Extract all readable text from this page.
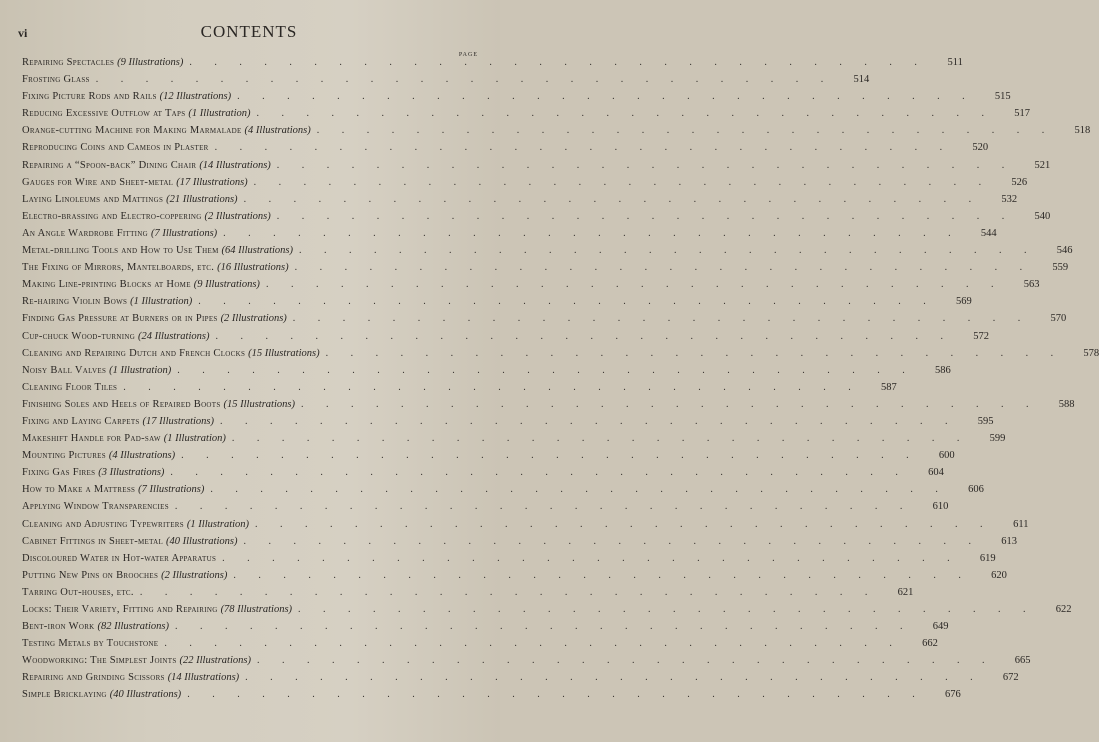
vi	CONTENTS
PAGE
Repairing Spectacles (9 Illustrations) . . . . . . . . . . . . . . . . . . . . . . . . . . . . . .	511
Frosting Glass . . . . . . . . . . . . . . . . . . . . . . . . . . . . . .	514
Fixing Picture Rods and Rails (12 Illustrations) . . . . . . . . . . . . . . . . . . . . . . . . . . . . . .	515
Reducing Excessive Outflow at Taps (1 Illustration) . . . . . . . . . . . . . . . . . . . . . . . . . . . . . .	517
Orange-cutting Machine for Making Marmalade (4 Illustrations) . . . . . . . . . . . . . . . . . . . . . . . . . . . . . .	518
Reproducing Coins and Cameos in Plaster . . . . . . . . . . . . . . . . . . . . . . . . . . . . . .	520
Repairing a “Spoon-back” Dining Chair (14 Illustrations) . . . . . . . . . . . . . . . . . . . . . . . . . . . . . .	521
Gauges for Wire and Sheet-metal (17 Illustrations) . . . . . . . . . . . . . . . . . . . . . . . . . . . . . .	526
Laying Linoleums and Mattings (21 Illustrations) . . . . . . . . . . . . . . . . . . . . . . . . . . . . . .	532
Electro-brassing and Electro-coppering (2 Illustrations) . . . . . . . . . . . . . . . . . . . . . . . . . . . . . .	540
An Angle Wardrobe Fitting (7 Illustrations) . . . . . . . . . . . . . . . . . . . . . . . . . . . . . .	544
Metal-drilling Tools and How to Use Them (64 Illustrations) . . . . . . . . . . . . . . . . . . . . . . . . . . . . . .	546
The Fixing of Mirrors, Mantelboards, etc. (16 Illustrations) . . . . . . . . . . . . . . . . . . . . . . . . . . . . . .	559
Making Line-printing Blocks at Home (9 Illustrations) . . . . . . . . . . . . . . . . . . . . . . . . . . . . . .	563
Re-hairing Violin Bows (1 Illustration) . . . . . . . . . . . . . . . . . . . . . . . . . . . . . .	569
Finding Gas Pressure at Burners or in Pipes (2 Illustrations) . . . . . . . . . . . . . . . . . . . . . . . . . . . . . .	570
Cup-chuck Wood-turning (24 Illustrations) . . . . . . . . . . . . . . . . . . . . . . . . . . . . . .	572
Cleaning and Repairing Dutch and French Clocks (15 Illustrations) . . . . . . . . . . . . . . . . . . . . . . . . . . . . . .	578
Noisy Ball Valves (1 Illustration) . . . . . . . . . . . . . . . . . . . . . . . . . . . . . .	586
Cleaning Floor Tiles . . . . . . . . . . . . . . . . . . . . . . . . . . . . . .	587
Finishing Soles and Heels of Repaired Boots (15 Illustrations) . . . . . . . . . . . . . . . . . . . . . . . . . . . . . .	588
Fixing and Laying Carpets (17 Illustrations) . . . . . . . . . . . . . . . . . . . . . . . . . . . . . .	595
Makeshift Handle for Pad-saw (1 Illustration) . . . . . . . . . . . . . . . . . . . . . . . . . . . . . .	599
Mounting Pictures (4 Illustrations) . . . . . . . . . . . . . . . . . . . . . . . . . . . . . .	600
Fixing Gas Fires (3 Illustrations) . . . . . . . . . . . . . . . . . . . . . . . . . . . . . .	604
How to Make a Mattress (7 Illustrations) . . . . . . . . . . . . . . . . . . . . . . . . . . . . . .	606
Applying Window Transparencies . . . . . . . . . . . . . . . . . . . . . . . . . . . . . .	610
Cleaning and Adjusting Typewriters (1 Illustration) . . . . . . . . . . . . . . . . . . . . . . . . . . . . . .	611
Cabinet Fittings in Sheet-metal (40 Illustrations) . . . . . . . . . . . . . . . . . . . . . . . . . . . . . .	613
Discoloured Water in Hot-water Apparatus . . . . . . . . . . . . . . . . . . . . . . . . . . . . . .	619
Putting New Pins on Brooches (2 Illustrations) . . . . . . . . . . . . . . . . . . . . . . . . . . . . . .	620
Tarring Out-houses, etc. . . . . . . . . . . . . . . . . . . . . . . . . . . . . . .	621
Locks: Their Variety, Fitting and Repairing (78 Illustrations) . . . . . . . . . . . . . . . . . . . . . . . . . . . . . .	622
Bent-iron Work (82 Illustrations) . . . . . . . . . . . . . . . . . . . . . . . . . . . . . .	649
Testing Metals by Touchstone . . . . . . . . . . . . . . . . . . . . . . . . . . . . . .	662
Woodworking: The Simplest Joints (22 Illustrations) . . . . . . . . . . . . . . . . . . . . . . . . . . . . . .	665
Repairing and Grinding Scissors (14 Illustrations) . . . . . . . . . . . . . . . . . . . . . . . . . . . . . .	672
Simple Bricklaying (40 Illustrations) . . . . . . . . . . . . . . . . . . . . . . . . . . . . . .	676
